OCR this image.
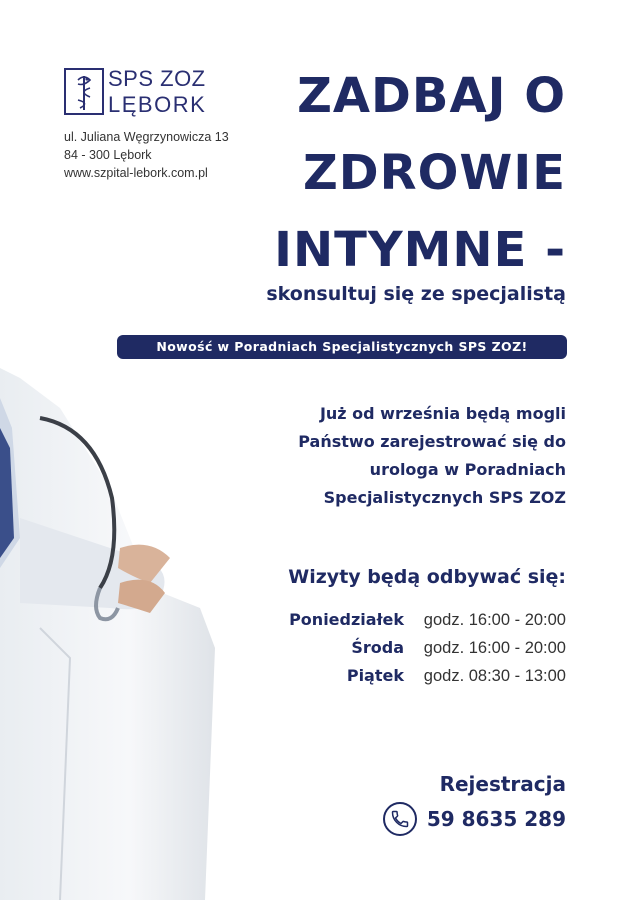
SPS ZOZ
LĘBORK
ul. Juliana Węgrzynowicza 13
84 - 300 Lębork
www.szpital-lebork.com.pl
ZADBAJ O
ZDROWIE
INTYMNE -
skonsultuj się ze specjalistą
Nowość w Poradniach Specjalistycznych SPS ZOZ!
Już od września będą mogli
Państwo zarejestrować się do
urologa w Poradniach
Specjalistycznych SPS ZOZ
Wizyty będą odbywać się:
Poniedziałek	godz. 16:00 - 20:00
Środa	godz. 16:00 - 20:00
Piątek	godz. 08:30 - 13:00
Rejestracja
59 8635 289
